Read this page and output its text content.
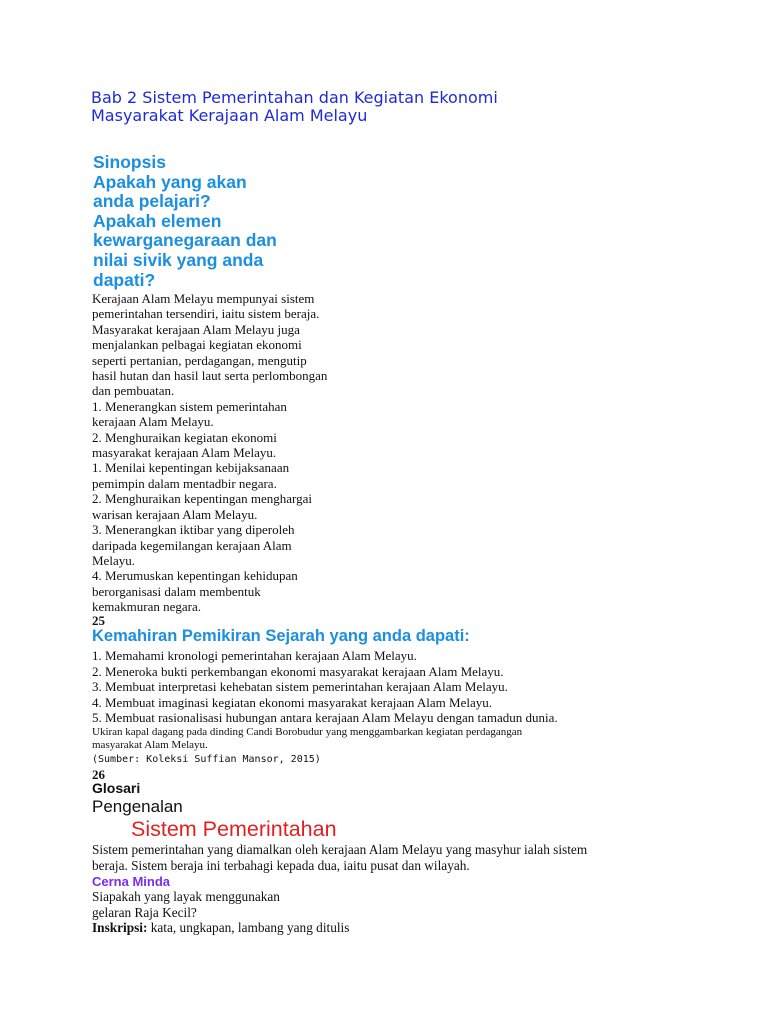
Bab 2 Sistem Pemerintahan dan Kegiatan Ekonomi
Masyarakat Kerajaan Alam Melayu
Sinopsis
Apakah yang akan
anda pelajari?
Apakah elemen
kewarganegaraan dan
nilai sivik yang anda
dapati?
Kerajaan Alam Melayu mempunyai sistem
pemerintahan tersendiri, iaitu sistem beraja.
Masyarakat kerajaan Alam Melayu juga
menjalankan pelbagai kegiatan ekonomi
seperti pertanian, perdagangan, mengutip
hasil hutan dan hasil laut serta perlombongan
dan pembuatan.
1. Menerangkan sistem pemerintahan
kerajaan Alam Melayu.
2. Menghuraikan kegiatan ekonomi
masyarakat kerajaan Alam Melayu.
1. Menilai kepentingan kebijaksanaan
pemimpin dalam mentadbir negara.
2. Menghuraikan kepentingan menghargai
warisan kerajaan Alam Melayu.
3. Menerangkan iktibar yang diperoleh
daripada kegemilangan kerajaan Alam
Melayu.
4. Merumuskan kepentingan kehidupan
berorganisasi dalam membentuk
kemakmuran negara.
25
Kemahiran Pemikiran Sejarah yang anda dapati:
1. Memahami kronologi pemerintahan kerajaan Alam Melayu.
2. Meneroka bukti perkembangan ekonomi masyarakat kerajaan Alam Melayu.
3. Membuat interpretasi kehebatan sistem pemerintahan kerajaan Alam Melayu.
4. Membuat imaginasi kegiatan ekonomi masyarakat kerajaan Alam Melayu.
5. Membuat rasionalisasi hubungan antara kerajaan Alam Melayu dengan tamadun dunia.
Ukiran kapal dagang pada dinding Candi Borobudur yang menggambarkan kegiatan perdagangan
masyarakat Alam Melayu.
(Sumber: Koleksi Suffian Mansor, 2015)
26
Glosari
Pengenalan
Sistem Pemerintahan
Sistem pemerintahan yang diamalkan oleh kerajaan Alam Melayu yang masyhur ialah sistem
beraja. Sistem beraja ini terbahagi kepada dua, iaitu pusat dan wilayah.
Cerna Minda
Siapakah yang layak menggunakan
gelaran Raja Kecil?
Inskripsi: kata, ungkapan, lambang yang ditulis
